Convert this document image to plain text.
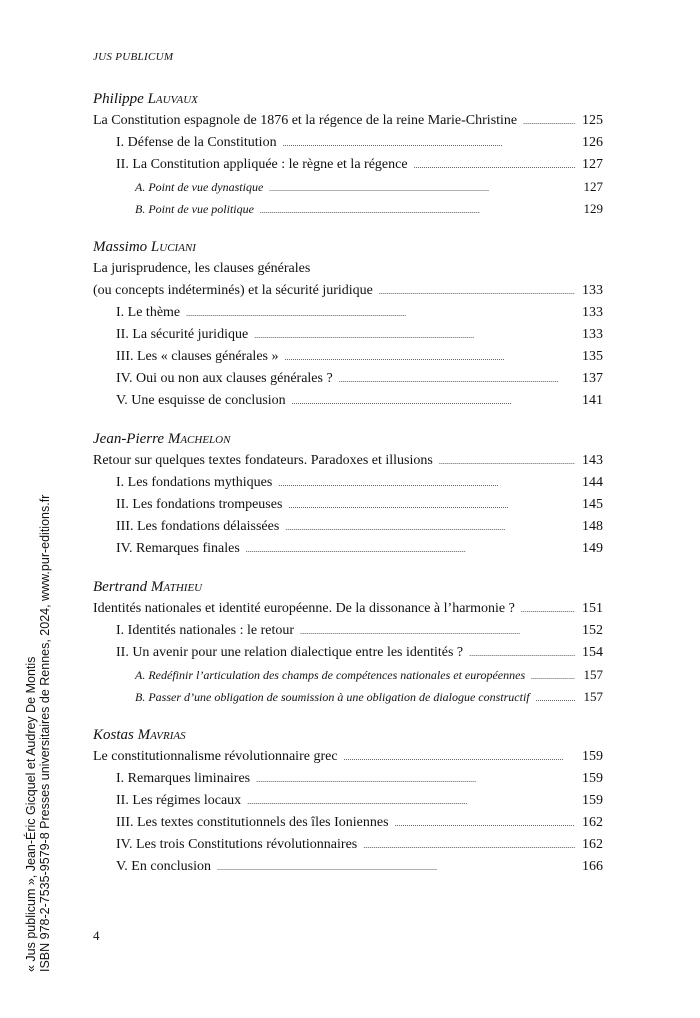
JUS PUBLICUM
Philippe Lauvaux
La Constitution espagnole de 1876 et la régence de la reine Marie-Christine . . .	125
I. Défense de la Constitution . . .	126
II. La Constitution appliquée : le règne et la régence . . .	127
A. Point de vue dynastique . . .	127
B. Point de vue politique . . .	129
Massimo Luciani
La jurisprudence, les clauses générales
(ou concepts indéterminés) et la sécurité juridique . . .	133
I. Le thème . . .	133
II. La sécurité juridique . . .	133
III. Les « clauses générales » . . .	135
IV. Oui ou non aux clauses générales ? . . .	137
V. Une esquisse de conclusion . . .	141
Jean-Pierre Machelon
Retour sur quelques textes fondateurs. Paradoxes et illusions . . .	143
I. Les fondations mythiques . . .	144
II. Les fondations trompeuses . . .	145
III. Les fondations délaissées . . .	148
IV. Remarques finales . . .	149
Bertrand Mathieu
Identités nationales et identité européenne. De la dissonance à l’harmonie ? . . .	151
I. Identités nationales : le retour . . .	152
II. Un avenir pour une relation dialectique entre les identités ? . . .	154
A. Redéfinir l’articulation des champs de compétences nationales et européennes . . .	157
B. Passer d’une obligation de soumission à une obligation de dialogue constructif . . .	157
Kostas Mavrias
Le constitutionnalisme révolutionnaire grec . . .	159
I. Remarques liminaires . . .	159
II. Les régimes locaux . . .	159
III. Les textes constitutionnels des îles Ioniennes . . .	162
IV. Les trois Constitutions révolutionnaires . . .	162
V. En conclusion . . .	166
4
« Jus publicum », Jean-Éric Gicquel et Audrey De Montis ISBN 978-2-7535-9579-8 Presses universitaires de Rennes, 2024, www.pur-editions.fr
